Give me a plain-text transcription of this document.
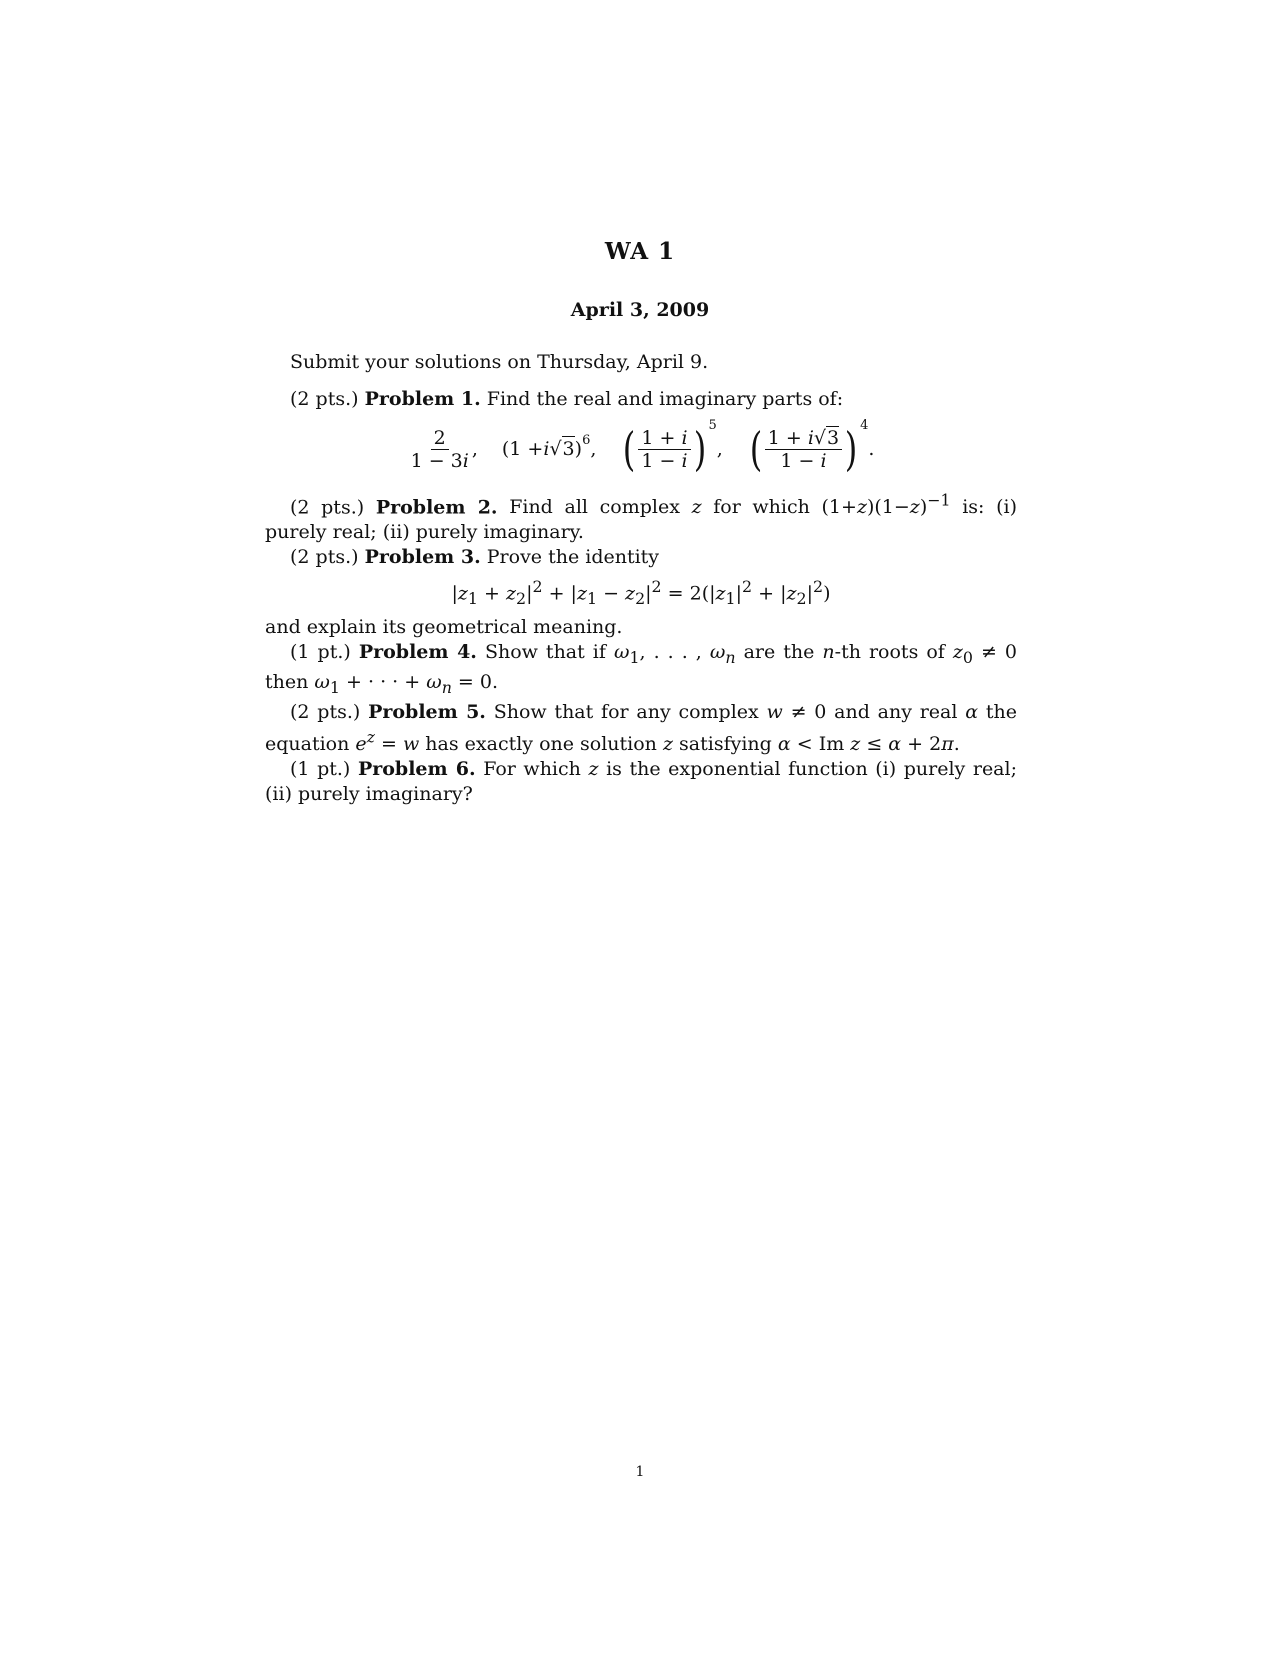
WA 1
April 3, 2009

Submit your solutions on Thursday, April 9.

(2 pts.) Problem 1. Find the real and imaginary parts of:

$\frac{2}{1 - 3i}$ , (1 + i √ 3 ) 6 , ( $\frac{1 + i}{1 - i}$ ) 5
, ( $\frac{1 + i√3}{1 - i}$ ) 4
.

(2 pts.) Problem 2. Find all complex z for which $(1+z)(1-z)^{-1}$ is: (i) purely real; (ii) purely imaginary.

(2 pts.) Problem 3. Prove the identity

$|z_1 + z_2|^2 + |z_1 - z_2|^2 = 2(|z_1|^2 + |z_2|^2)$

and explain its geometrical meaning.

(1 pt.) Problem 4. Show that if $\omega_1$, . . . , $\omega_n$ are the n-th roots of $z_0 \ne 0$ then $\omega_1$ + · · · + $\omega_n = 0$.

(2 pts.) Problem 5. Show that for any complex w ≠ 0 and any real α the equation $e^z = w$ has exactly one solution z satisfying α < Im z ≤ α + 2π.

(1 pt.) Problem 6. For which z is the exponential function (i) purely real; (ii) purely imaginary?

1
